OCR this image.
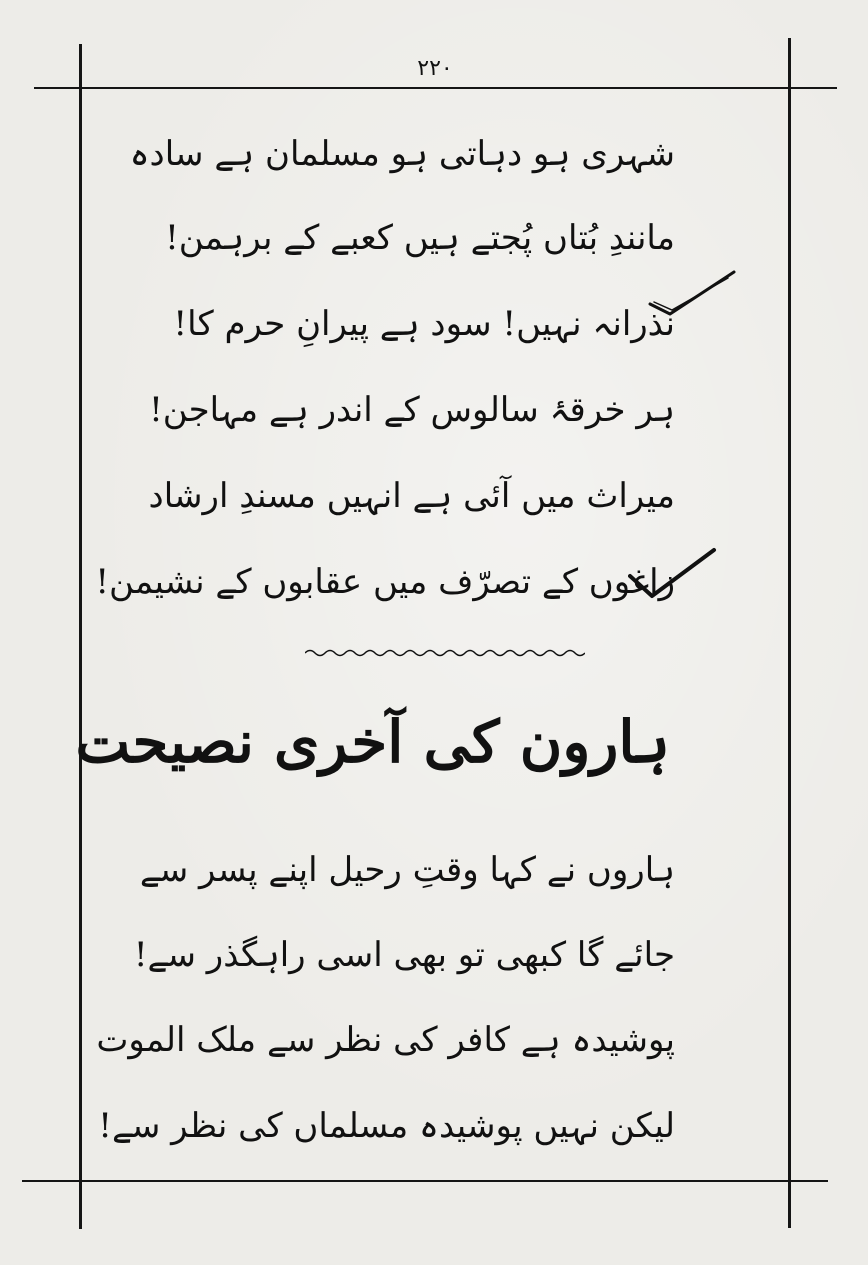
۲۲۰
شہری ہو دہاتی ہو مسلمان ہے سادہ
مانندِ بُتاں پُجتے ہیں کعبے کے برہمن!
نذرانہ نہیں! سود ہے پیرانِ حرم کا!
ہر خرقۂ سالوس کے اندر ہے مہاجن!
میراث میں آئی ہے انہیں مسندِ ارشاد
زاغوں کے تصرّف میں عقابوں کے نشیمن!
ہارون کی آخری نصیحت
ہاروں نے کہا وقتِ رحیل اپنے پسر سے
جائے گا کبھی تو بھی اسی راہگذر سے!
پوشیدہ ہے کافر کی نظر سے ملک الموت
لیکن نہیں پوشیدہ مسلماں کی نظر سے!
